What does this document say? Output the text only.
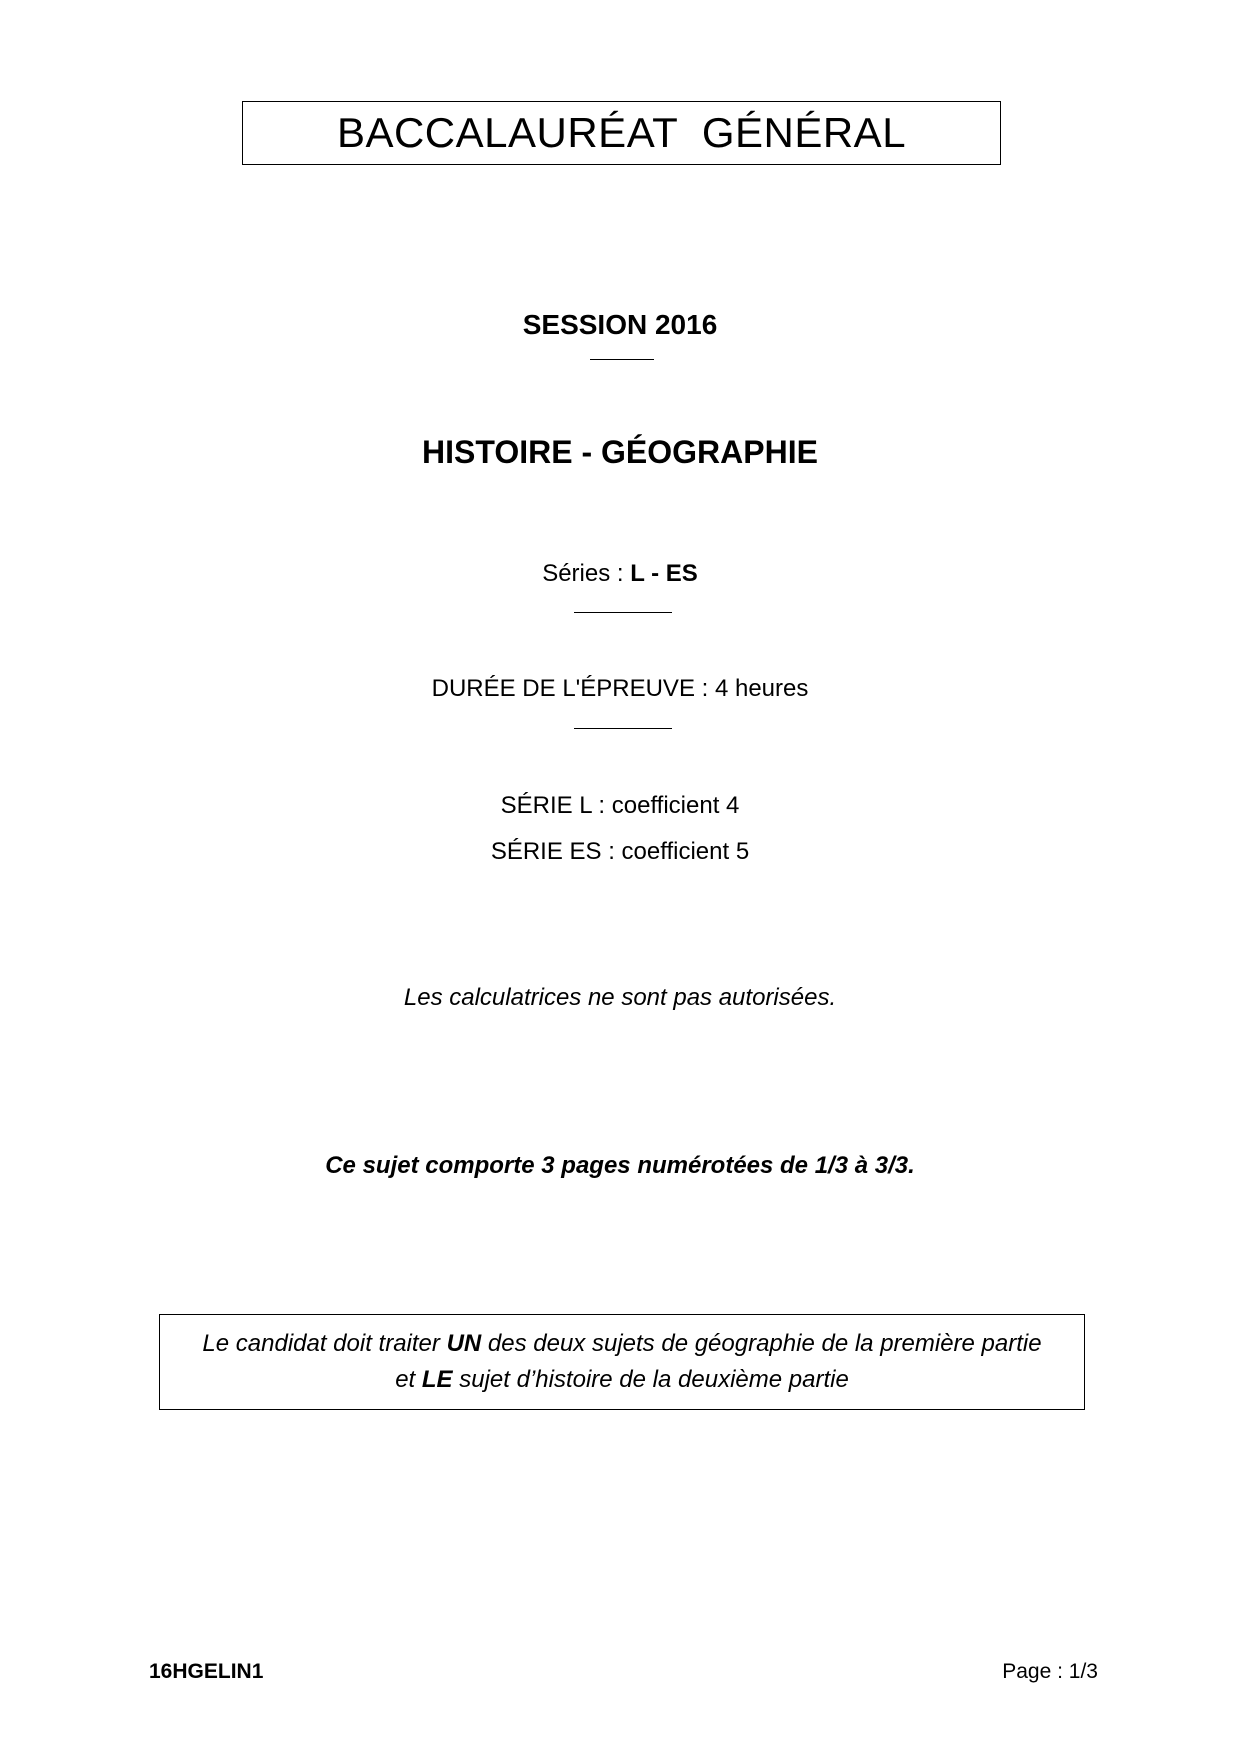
BACCALAURÉAT  GÉNÉRAL
SESSION 2016
HISTOIRE - GÉOGRAPHIE
Séries : L - ES
DURÉE DE L'ÉPREUVE : 4 heures
SÉRIE L : coefficient 4
SÉRIE ES : coefficient 5
Les calculatrices ne sont pas autorisées.
Ce sujet comporte 3 pages numérotées de 1/3 à 3/3.
Le candidat doit traiter UN des deux sujets de géographie de la première partie
et LE sujet d’histoire de la deuxième partie
16HGELIN1	Page : 1/3
